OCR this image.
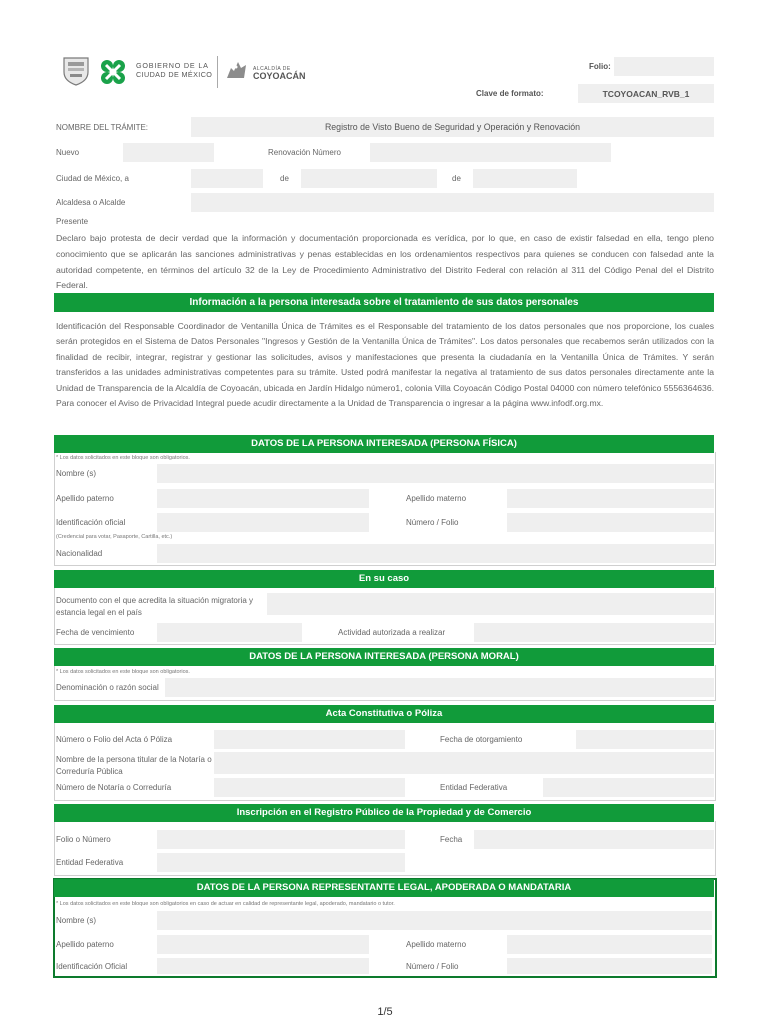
GOBIERNO DE LA
CIUDAD DE MÉXICO
ALCALDÍA DE
COYOACÁN
Folio:
Clave de formato:	TCOYOACAN_RVB_1
NOMBRE DEL TRÁMITE:	Registro de Visto Bueno de Seguridad y Operación y Renovación
Nuevo	Renovación Número
Ciudad de México, a	de	de
Alcaldesa o Alcalde
Presente
Declaro bajo protesta de decir verdad que la información y documentación proporcionada es verídica, por lo que, en caso de existir falsedad en ella, tengo pleno conocimiento que se aplicarán las sanciones administrativas y penas establecidas en los ordenamientos respectivos para quienes se conducen con falsedad ante la autoridad competente, en términos del artículo 32 de la Ley de Procedimiento Administrativo del Distrito Federal con relación al 311 del Código Penal del el Distrito Federal.
Información a la persona interesada sobre el tratamiento de sus datos personales
Identificación del Responsable Coordinador de Ventanilla Única de Trámites es el Responsable del tratamiento de los datos personales que nos proporcione, los cuales serán protegidos en el Sistema de Datos Personales "Ingresos y Gestión de la Ventanilla Única de Trámites". Los datos personales que recabemos serán utilizados con la finalidad de recibir, integrar, registrar y gestionar las solicitudes, avisos y manifestaciones que presenta la ciudadanía en la Ventanilla Única de Trámites. Y serán transferidos a las unidades administrativas competentes para su trámite. Usted podrá manifestar la negativa al tratamiento de sus datos personales directamente ante la Unidad de Transparencia de la Alcaldía de Coyoacán, ubicada en Jardín Hidalgo número1, colonia Villa Coyoacán Código Postal 04000 con número telefónico 5556364636. Para conocer el Aviso de Privacidad Integral puede acudir directamente a la Unidad de Transparencia o ingresar a la página www.infodf.org.mx.
DATOS DE LA PERSONA INTERESADA (PERSONA FÍSICA)
* Los datos solicitados en este bloque son obligatorios.
Nombre (s)
Apellido paterno	Apellido materno
Identificación oficial	Número / Folio
(Credencial para votar, Pasaporte, Cartilla, etc.)
Nacionalidad
En su caso
Documento con el que acredita la situación migratoria y estancia legal en el país
Fecha de vencimiento	Actividad autorizada a realizar
DATOS DE LA PERSONA INTERESADA (PERSONA MORAL)
* Los datos solicitados en este bloque son obligatorios.
Denominación o razón social
Acta Constitutiva o Póliza
Número o Folio del Acta ó Póliza	Fecha de otorgamiento
Nombre de la persona titular de la Notaría o Correduría Pública
Número de Notaría o Correduría	Entidad Federativa
Inscripción en el Registro Público de la Propiedad y de Comercio
Folio o Número	Fecha
Entidad Federativa
DATOS DE LA PERSONA REPRESENTANTE LEGAL, APODERADA O MANDATARIA
* Los datos solicitados en este bloque son obligatorios en caso de actuar en calidad de representante legal, apoderado, mandatario o tutor.
Nombre (s)
Apellido paterno	Apellido materno
Identificación Oficial	Número / Folio
1/5
